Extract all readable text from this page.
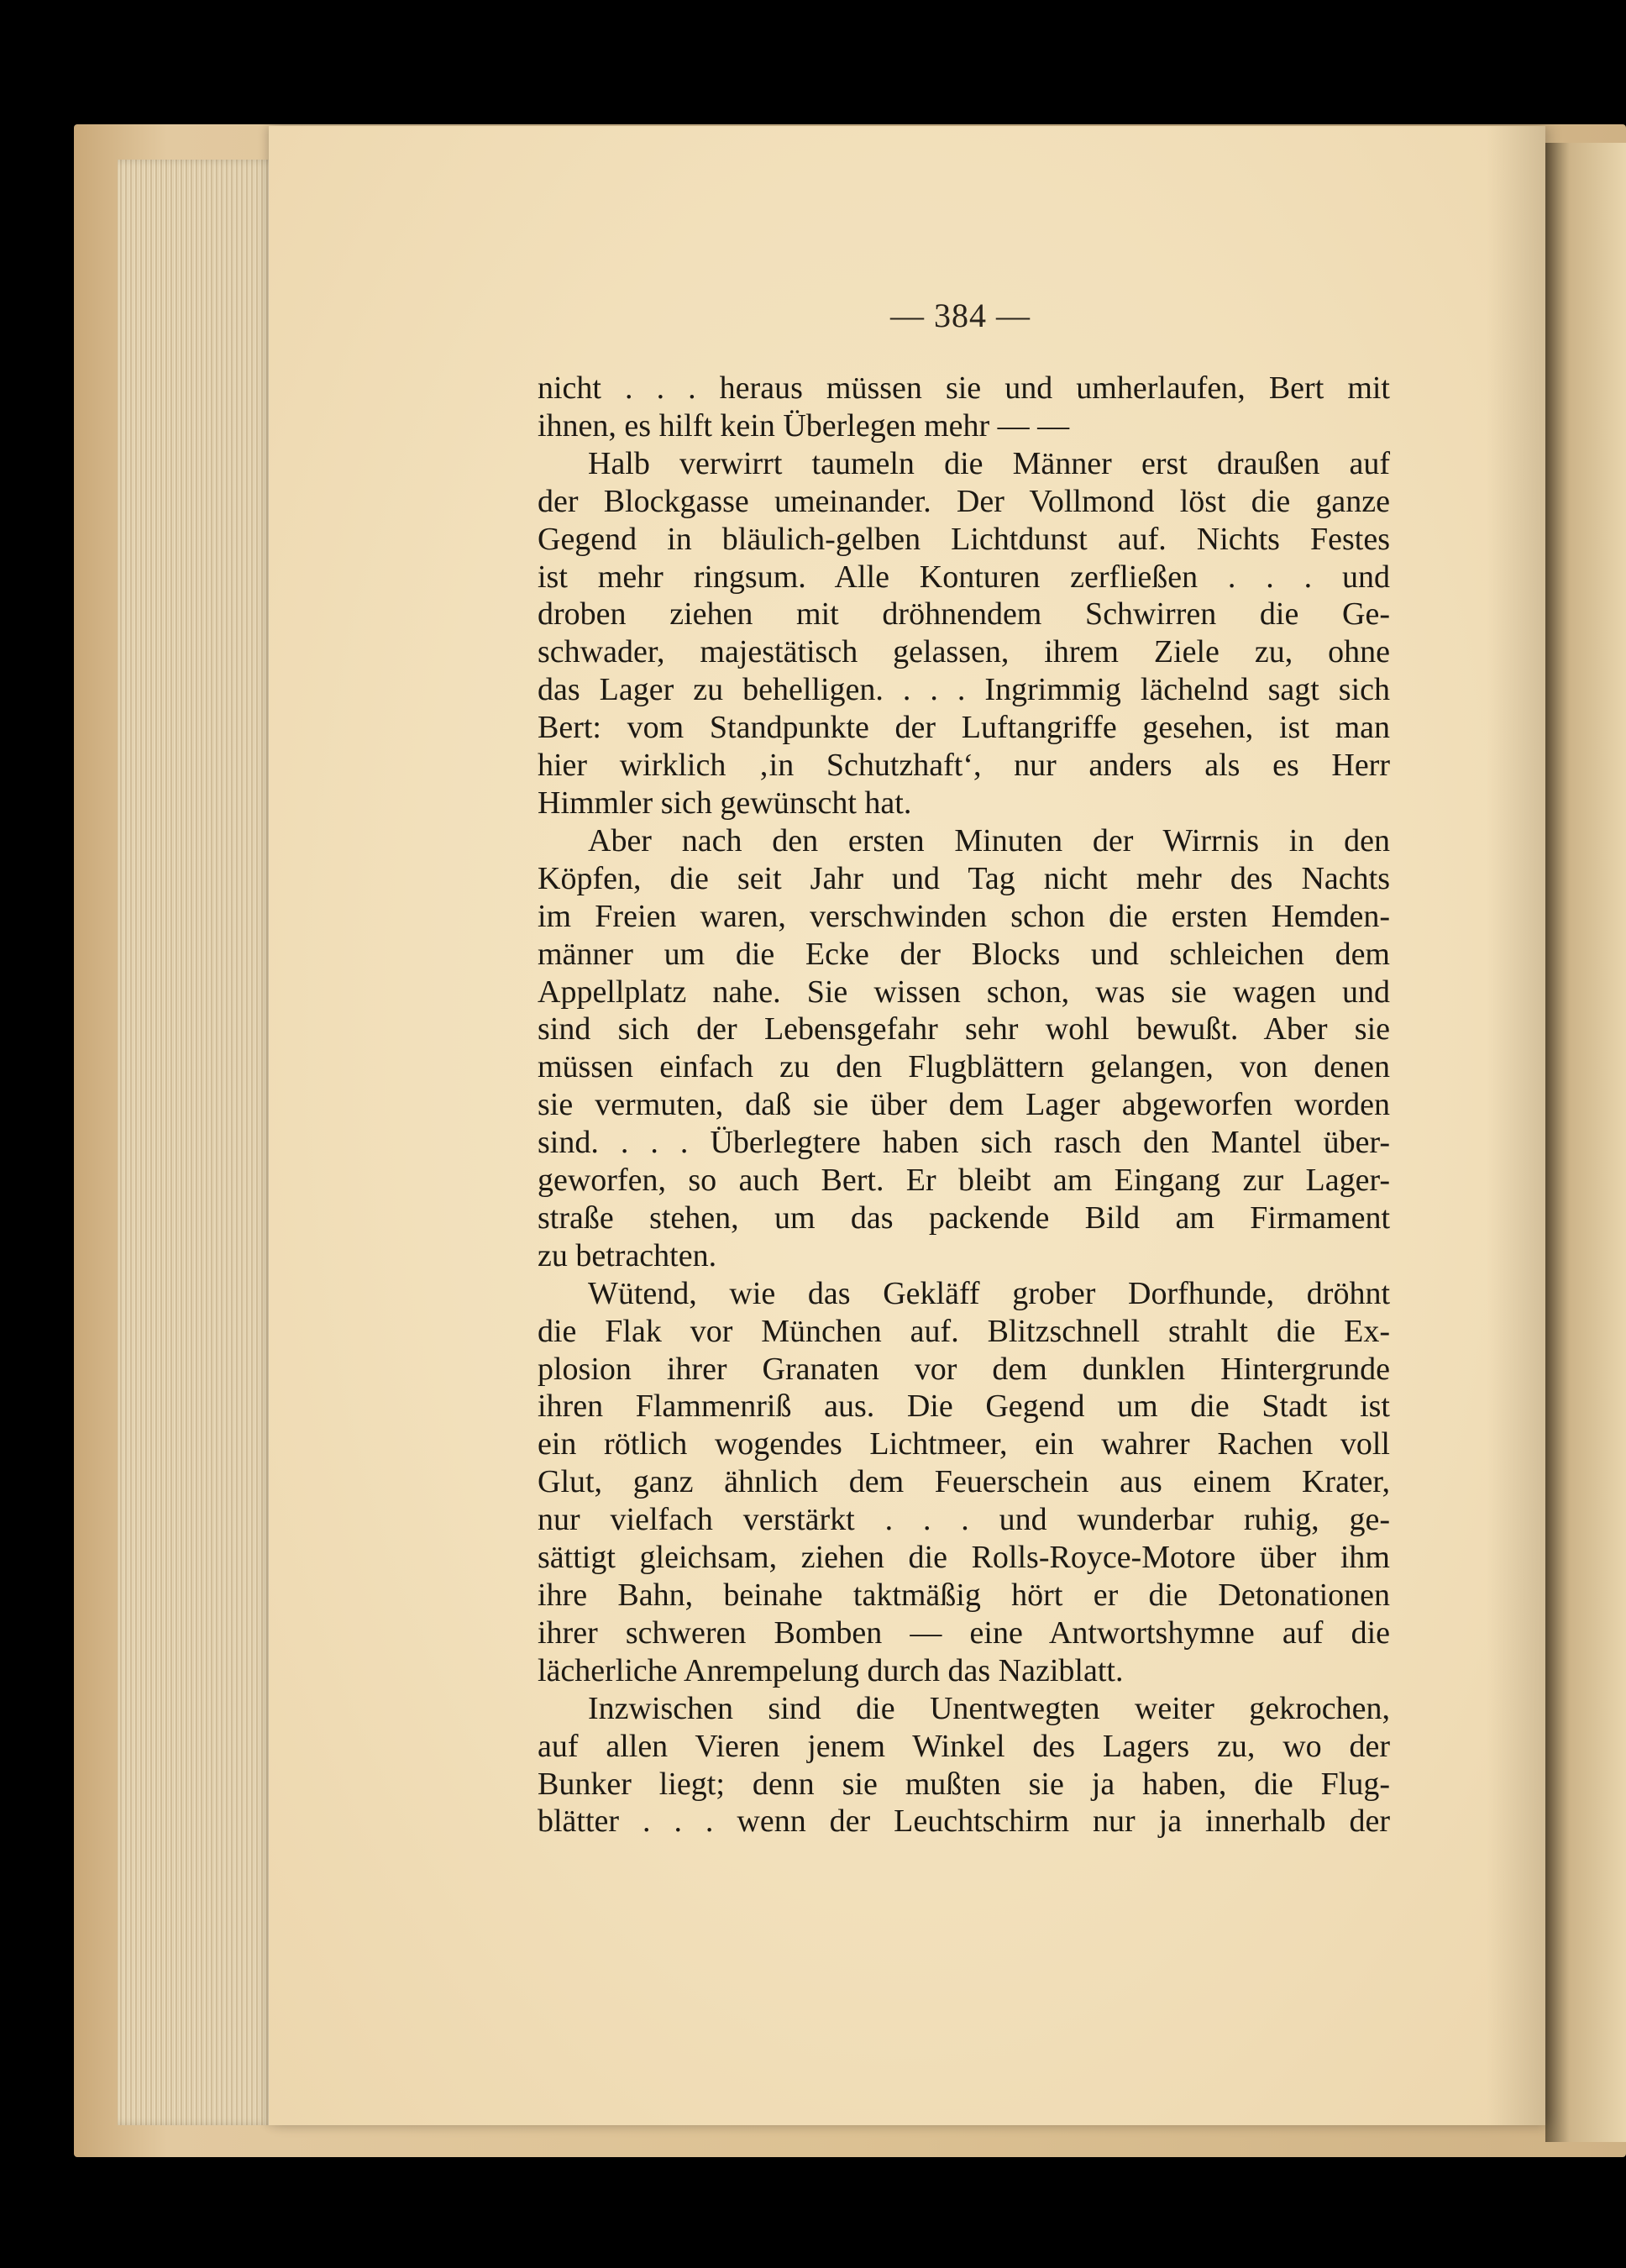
— 384 —
nicht . . . heraus müssen sie und umherlaufen, Bert mit
ihnen, es hilft kein Überlegen mehr — —
Halb verwirrt taumeln die Männer erst draußen auf
der Blockgasse umeinander. Der Vollmond löst die ganze
Gegend in bläulich-gelben Lichtdunst auf. Nichts Festes
ist mehr ringsum. Alle Konturen zerfließen . . . und
droben ziehen mit dröhnendem Schwirren die Ge-
schwader, majestätisch gelassen, ihrem Ziele zu, ohne
das Lager zu behelligen. . . . Ingrimmig lächelnd sagt sich
Bert: vom Standpunkte der Luftangriffe gesehen, ist man
hier wirklich ‚in Schutzhaft‘, nur anders als es Herr
Himmler sich gewünscht hat.
Aber nach den ersten Minuten der Wirrnis in den
Köpfen, die seit Jahr und Tag nicht mehr des Nachts
im Freien waren, verschwinden schon die ersten Hemden-
männer um die Ecke der Blocks und schleichen dem
Appellplatz nahe. Sie wissen schon, was sie wagen und
sind sich der Lebensgefahr sehr wohl bewußt. Aber sie
müssen einfach zu den Flugblättern gelangen, von denen
sie vermuten, daß sie über dem Lager abgeworfen worden
sind. . . . Überlegtere haben sich rasch den Mantel über-
geworfen, so auch Bert. Er bleibt am Eingang zur Lager-
straße stehen, um das packende Bild am Firmament
zu betrachten.
Wütend, wie das Gekläff grober Dorfhunde, dröhnt
die Flak vor München auf. Blitzschnell strahlt die Ex-
plosion ihrer Granaten vor dem dunklen Hintergrunde
ihren Flammenriß aus. Die Gegend um die Stadt ist
ein rötlich wogendes Lichtmeer, ein wahrer Rachen voll
Glut, ganz ähnlich dem Feuerschein aus einem Krater,
nur vielfach verstärkt . . . und wunderbar ruhig, ge-
sättigt gleichsam, ziehen die Rolls-Royce-Motore über ihm
ihre Bahn, beinahe taktmäßig hört er die Detonationen
ihrer schweren Bomben — eine Antwortshymne auf die
lächerliche Anrempelung durch das Naziblatt.
Inzwischen sind die Unentwegten weiter gekrochen,
auf allen Vieren jenem Winkel des Lagers zu, wo der
Bunker liegt; denn sie mußten sie ja haben, die Flug-
blätter . . . wenn der Leuchtschirm nur ja innerhalb der
